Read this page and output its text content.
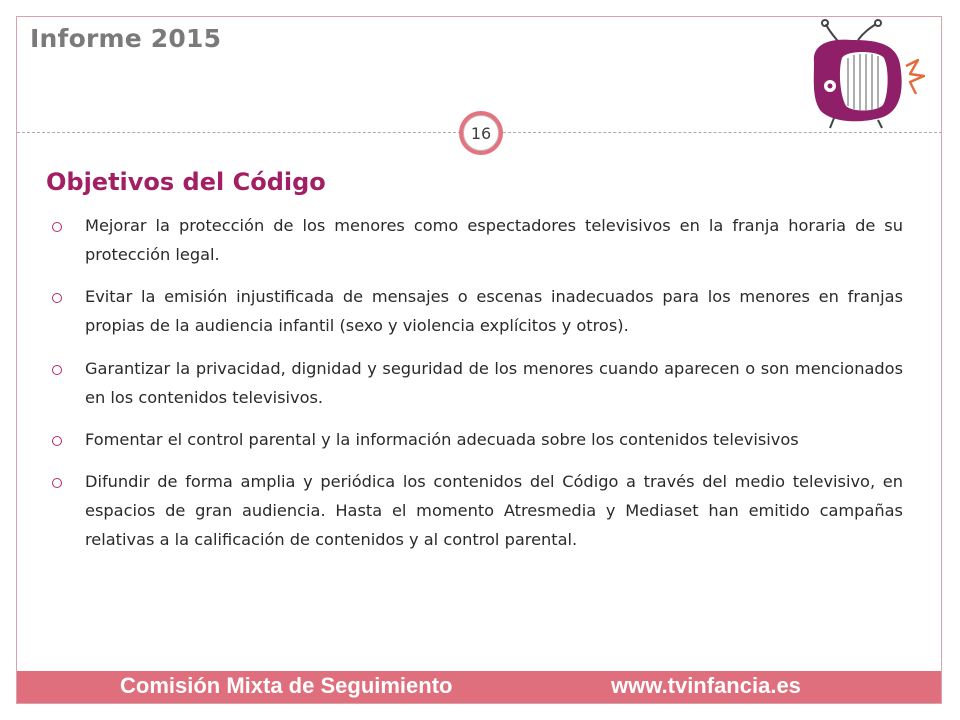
Informe 2015
16
Objetivos del Código
Mejorar la protección de los menores como espectadores televisivos en la franja horaria de su protección legal.
Evitar la emisión injustificada de mensajes o escenas inadecuados para los menores en franjas propias de la audiencia infantil (sexo y violencia explícitos y otros).
Garantizar la privacidad, dignidad y seguridad de los menores cuando aparecen o son mencionados en los contenidos televisivos.
Fomentar el control parental y la información adecuada sobre los contenidos televisivos
Difundir de forma amplia y periódica los contenidos del Código a través del medio televisivo, en espacios de gran audiencia. Hasta el momento Atresmedia y Mediaset han emitido campañas relativas a la calificación de contenidos y al control parental.
Comisión Mixta de Seguimiento	www.tvinfancia.es
